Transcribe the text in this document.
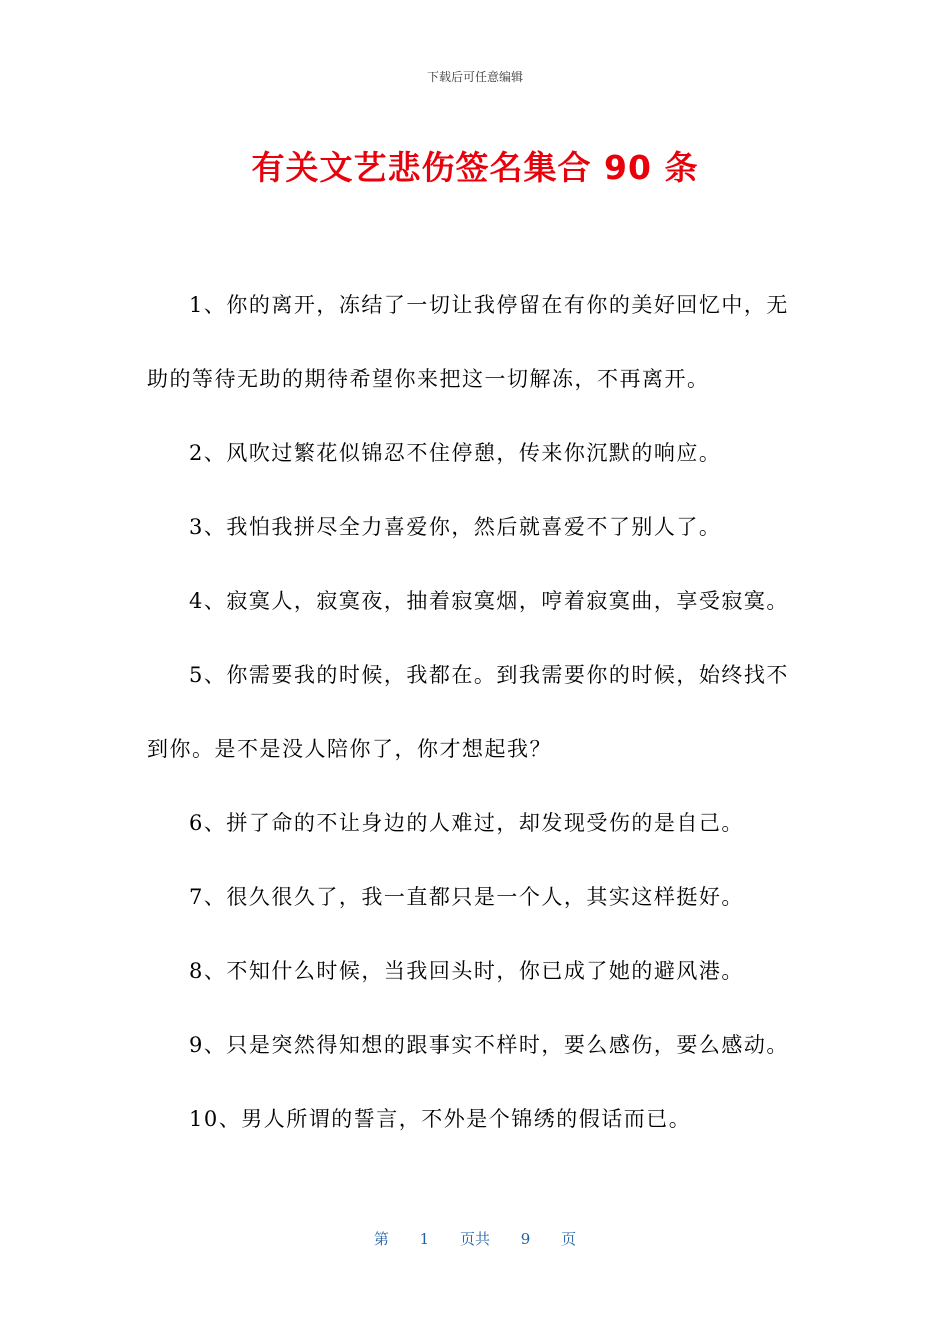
下载后可任意编辑
有关文艺悲伤签名集合 90 条

1、你的离开，冻结了一切让我停留在有你的美好回忆中，无助的等待无助的期待希望你来把这一切解冻，不再离开。

2、风吹过繁花似锦忍不住停憩，传来你沉默的响应。

3、我怕我拼尽全力喜爱你，然后就喜爱不了别人了。

4、寂寞人，寂寞夜，抽着寂寞烟，哼着寂寞曲，享受寂寞。

5、你需要我的时候，我都在。到我需要你的时候，始终找不到你。是不是没人陪你了，你才想起我？

6、拼了命的不让身边的人难过，却发现受伤的是自己。

7、很久很久了，我一直都只是一个人，其实这样挺好。

8、不知什么时候，当我回头时，你已成了她的避风港。

9、只是突然得知想的跟事实不样时，要么感伤，要么感动。

10、男人所谓的誓言，不外是个锦绣的假话而已。

第 1 页共 9 页
